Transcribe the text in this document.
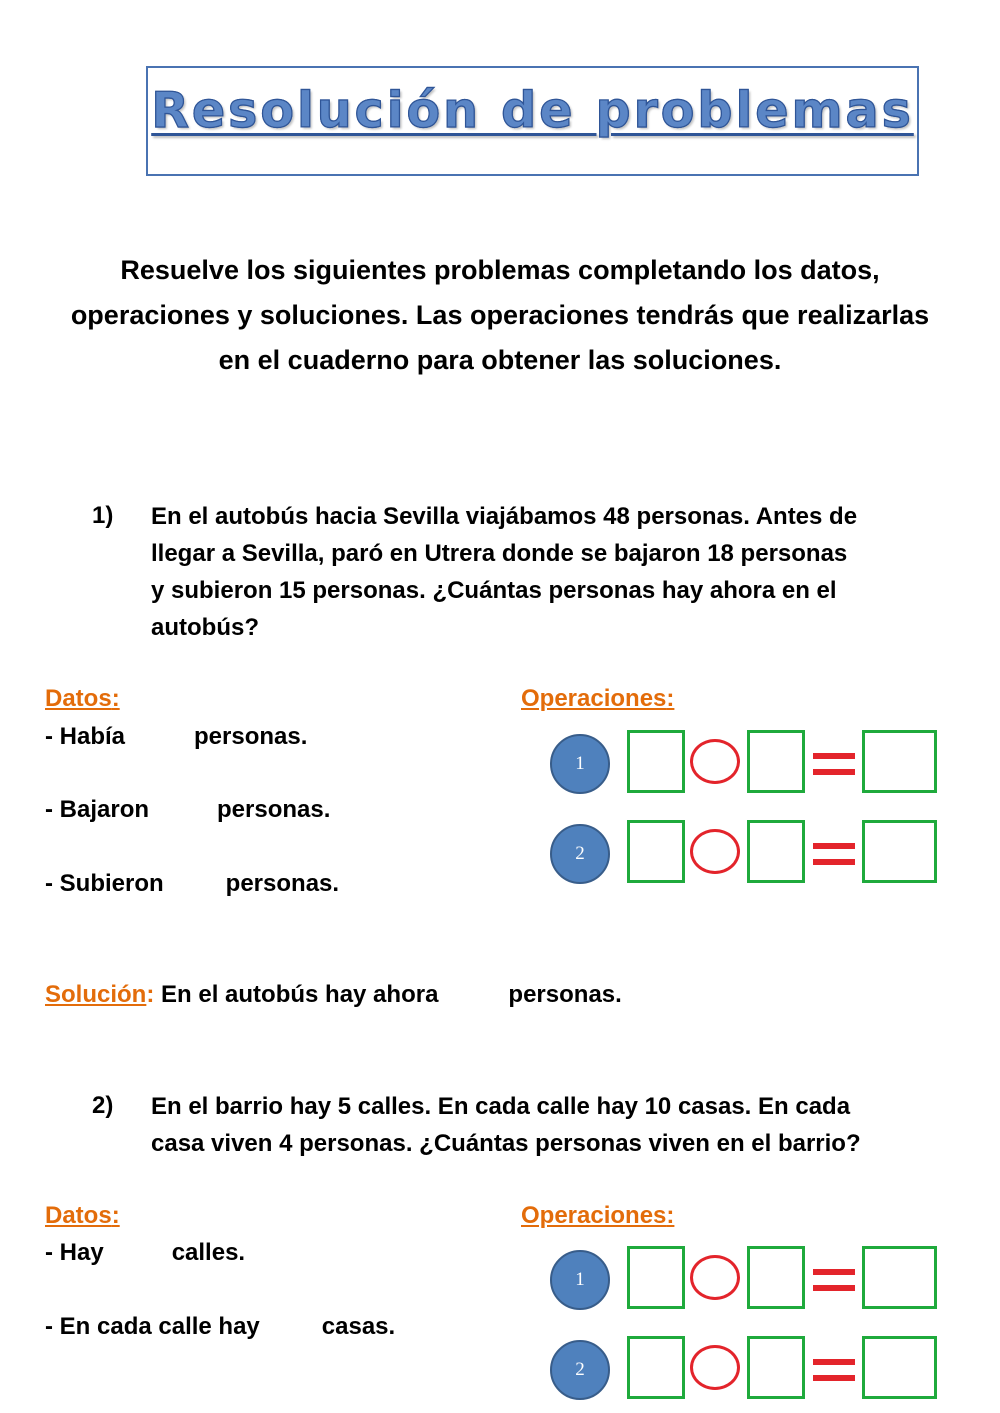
Resolución de problemas
Resuelve los siguientes problemas completando los datos, operaciones y soluciones. Las operaciones tendrás que realizarlas en el cuaderno para obtener las soluciones.
1) En el autobús hacia Sevilla viajábamos 48 personas. Antes de
llegar a Sevilla, paró en Utrera donde se bajaron 18 personas
y subieron 15 personas. ¿Cuántas personas hay ahora en el
autobús?
Datos:
- Había	personas.
- Bajaron	personas.
- Subieron	personas.
Operaciones:
1
2
Solución: En el autobús hay ahora	personas.
2) En el barrio hay 5 calles. En cada calle hay 10 casas. En cada
casa viven 4 personas. ¿Cuántas personas viven en el barrio?
Datos:
- Hay	calles.
- En cada calle hay	casas.
Operaciones:
1
2
